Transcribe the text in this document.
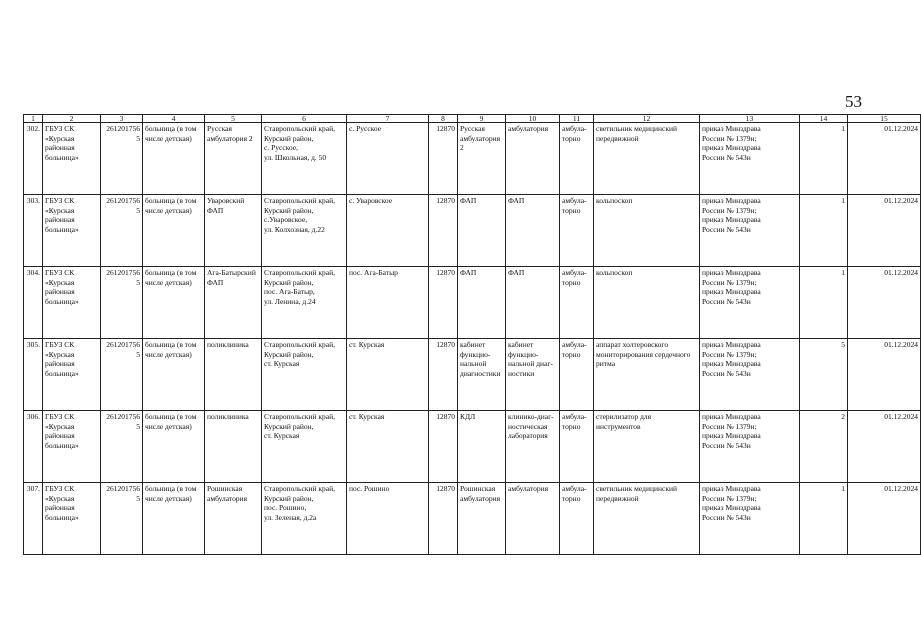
53
1	2	3	4	5	6	7	8	9	10	11	12	13	14	15

302.	ГБУЗ СК
«Курская
районная
больница»	2612017565	больница (в том
числе детская)	Русская
амбулатория 2	Ставропольский край,
Курский район,
с. Русское,
ул. Школьная, д. 50	с. Русское	12870	Русская
амбулатория 2	амбулатория	амбула-
торно	светильник медицинский
передвижной	приказ Минздрава
России № 1379н;
приказ Минздрава
России № 543н	1	01.12.2024

303.	ГБУЗ СК
«Курская
районная
больница»	2612017565	больница (в том
числе детская)	Уваровский
ФАП	Ставропольский край,
Курский район,
с.Уваровское,
ул. Колхозная, д.22	с. Уваровское	12870	ФАП	ФАП	амбула-
торно	кольпоскоп	приказ Минздрава
России № 1379н;
приказ Минздрава
России № 543н	1	01.12.2024

304.	ГБУЗ СК
«Курская
районная
больница»	2612017565	больница (в том
числе детская)	Ага-Батырский
ФАП	Ставропольский край,
Курский район,
пос. Ага-Батыр,
ул. Ленина, д.24	пос. Ага-Батыр	12870	ФАП	ФАП	амбула-
торно	кольпоскоп	приказ Минздрава
России № 1379н;
приказ Минздрава
России № 543н	1	01.12.2024

305.	ГБУЗ СК
«Курская
районная
больница»	2612017565	больница (в том
числе детская)	поликлиника	Ставропольский край,
Курский район,
ст. Курская	ст. Курская	12870	кабинет
функцио-
нальной
диагностики	кабинет
функцио-
нальной диаг-
ностики	амбула-
торно	аппарат холтеровского
мониторирования сердечного
ритма	приказ Минздрава
России № 1379н;
приказ Минздрава
России № 543н	5	01.12.2024

306.	ГБУЗ СК
«Курская
районная
больница»	2612017565	больница (в том
числе детская)	поликлиника	Ставропольский край,
Курский район,
ст. Курская	ст. Курская	12870	КДЛ	клинико-диаг-
ностическая
лаборатория	амбула-
торно	стерилизатор для инструментов	приказ Минздрава
России № 1379н;
приказ Минздрава
России № 543н	2	01.12.2024

307.	ГБУЗ СК
«Курская
районная
больница»	2612017565	больница (в том
числе детская)	Рошинская
амбулатория	Ставропольский край,
Курский район,
пос. Рошино,
ул. Зеленая, д.2а	пос. Рошино	12870	Рошинская
амбулатория	амбулатория	амбула-
торно	светильник медицинский
передвижной	приказ Минздрава
России № 1379н;
приказ Минздрава
России № 543н	1	01.12.2024
